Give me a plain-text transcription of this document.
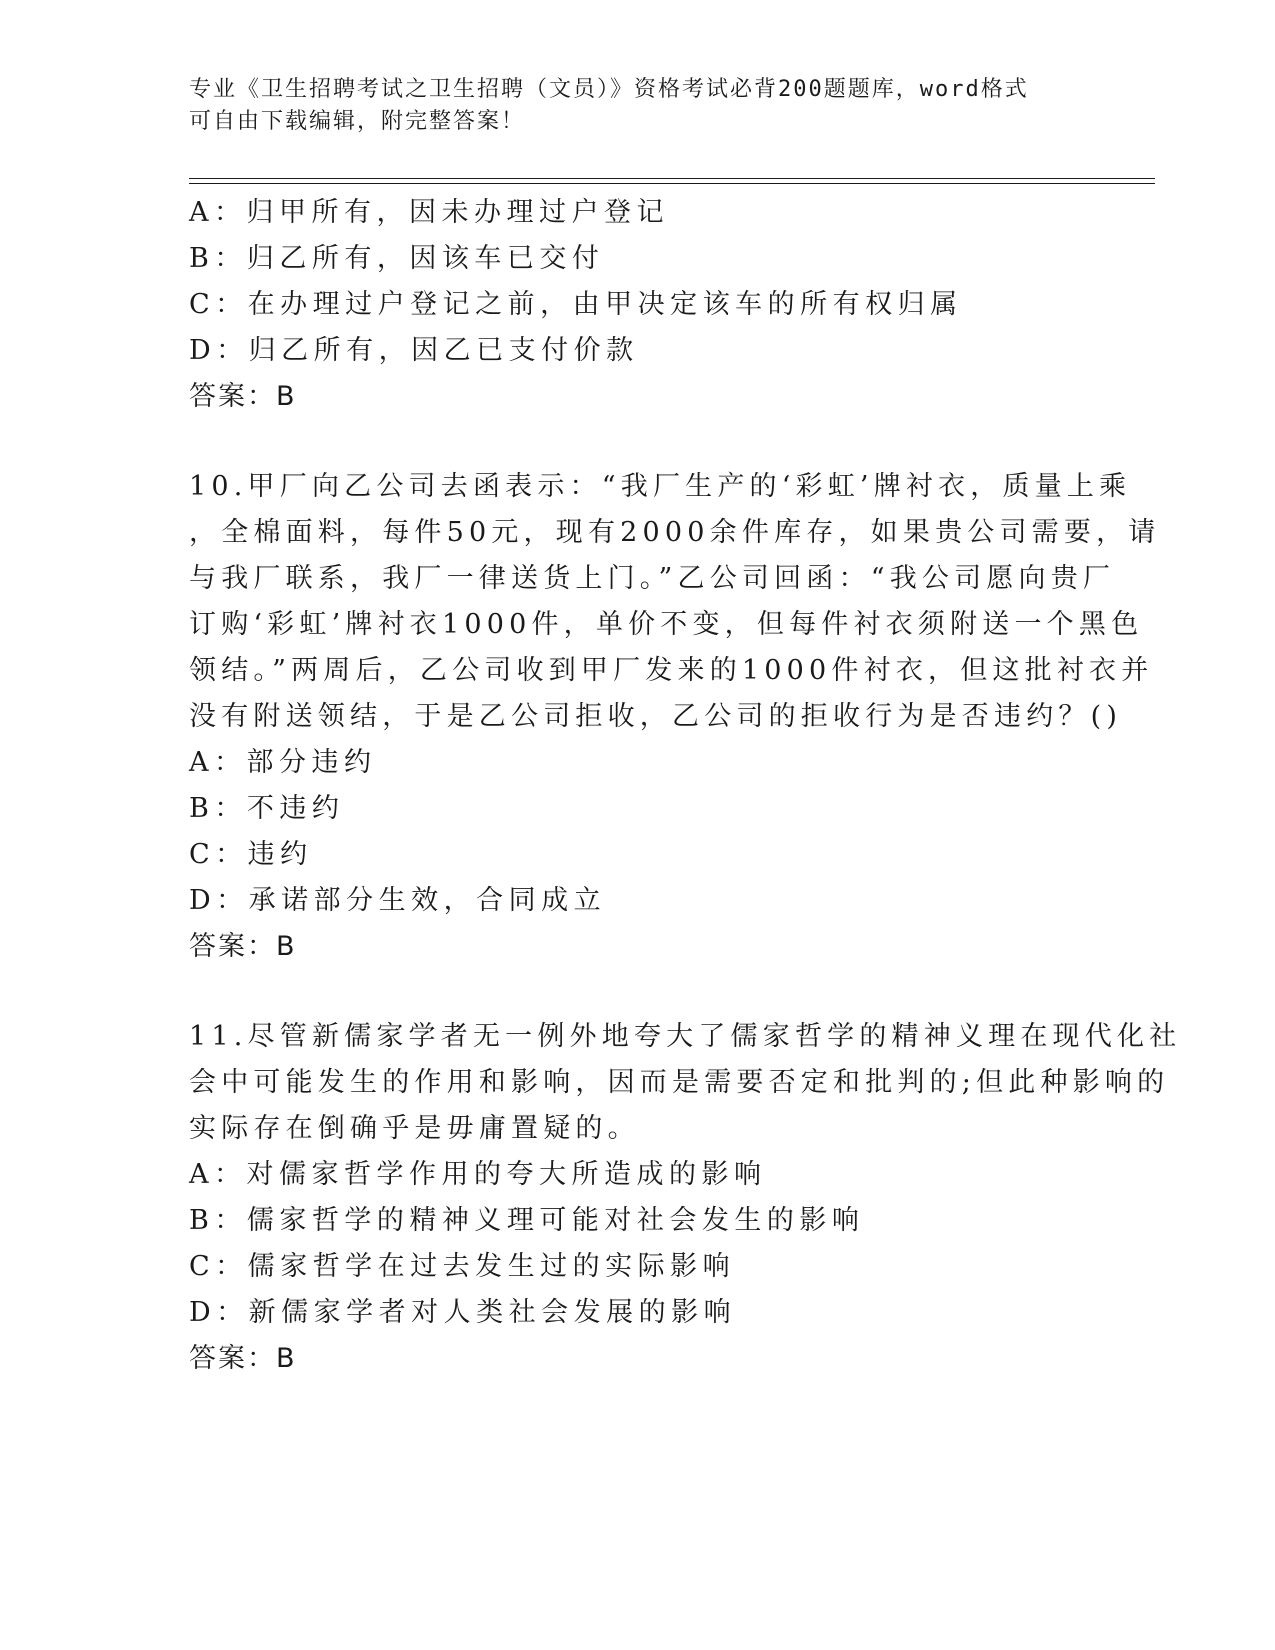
专业《卫生招聘考试之卫生招聘（文员）》资格考试必背200题题库，word格式
可自由下载编辑，附完整答案！
A：归甲所有，因未办理过户登记
B：归乙所有，因该车已交付
C：在办理过户登记之前，由甲决定该车的所有权归属
D：归乙所有，因乙已支付价款
答案：B
10.甲厂向乙公司去函表示：“我厂生产的‘彩虹’牌衬衣，质量上乘
，全棉面料，每件50元，现有2000余件库存，如果贵公司需要，请
与我厂联系，我厂一律送货上门。”乙公司回函：“我公司愿向贵厂
订购‘彩虹’牌衬衣1000件，单价不变，但每件衬衣须附送一个黑色
领结。”两周后，乙公司收到甲厂发来的1000件衬衣，但这批衬衣并
没有附送领结，于是乙公司拒收，乙公司的拒收行为是否违约？()
A：部分违约
B：不违约
C：违约
D：承诺部分生效，合同成立
答案：B
11.尽管新儒家学者无一例外地夸大了儒家哲学的精神义理在现代化社
会中可能发生的作用和影响，因而是需要否定和批判的;但此种影响的
实际存在倒确乎是毋庸置疑的。
A：对儒家哲学作用的夸大所造成的影响
B：儒家哲学的精神义理可能对社会发生的影响
C：儒家哲学在过去发生过的实际影响
D：新儒家学者对人类社会发展的影响
答案：B
